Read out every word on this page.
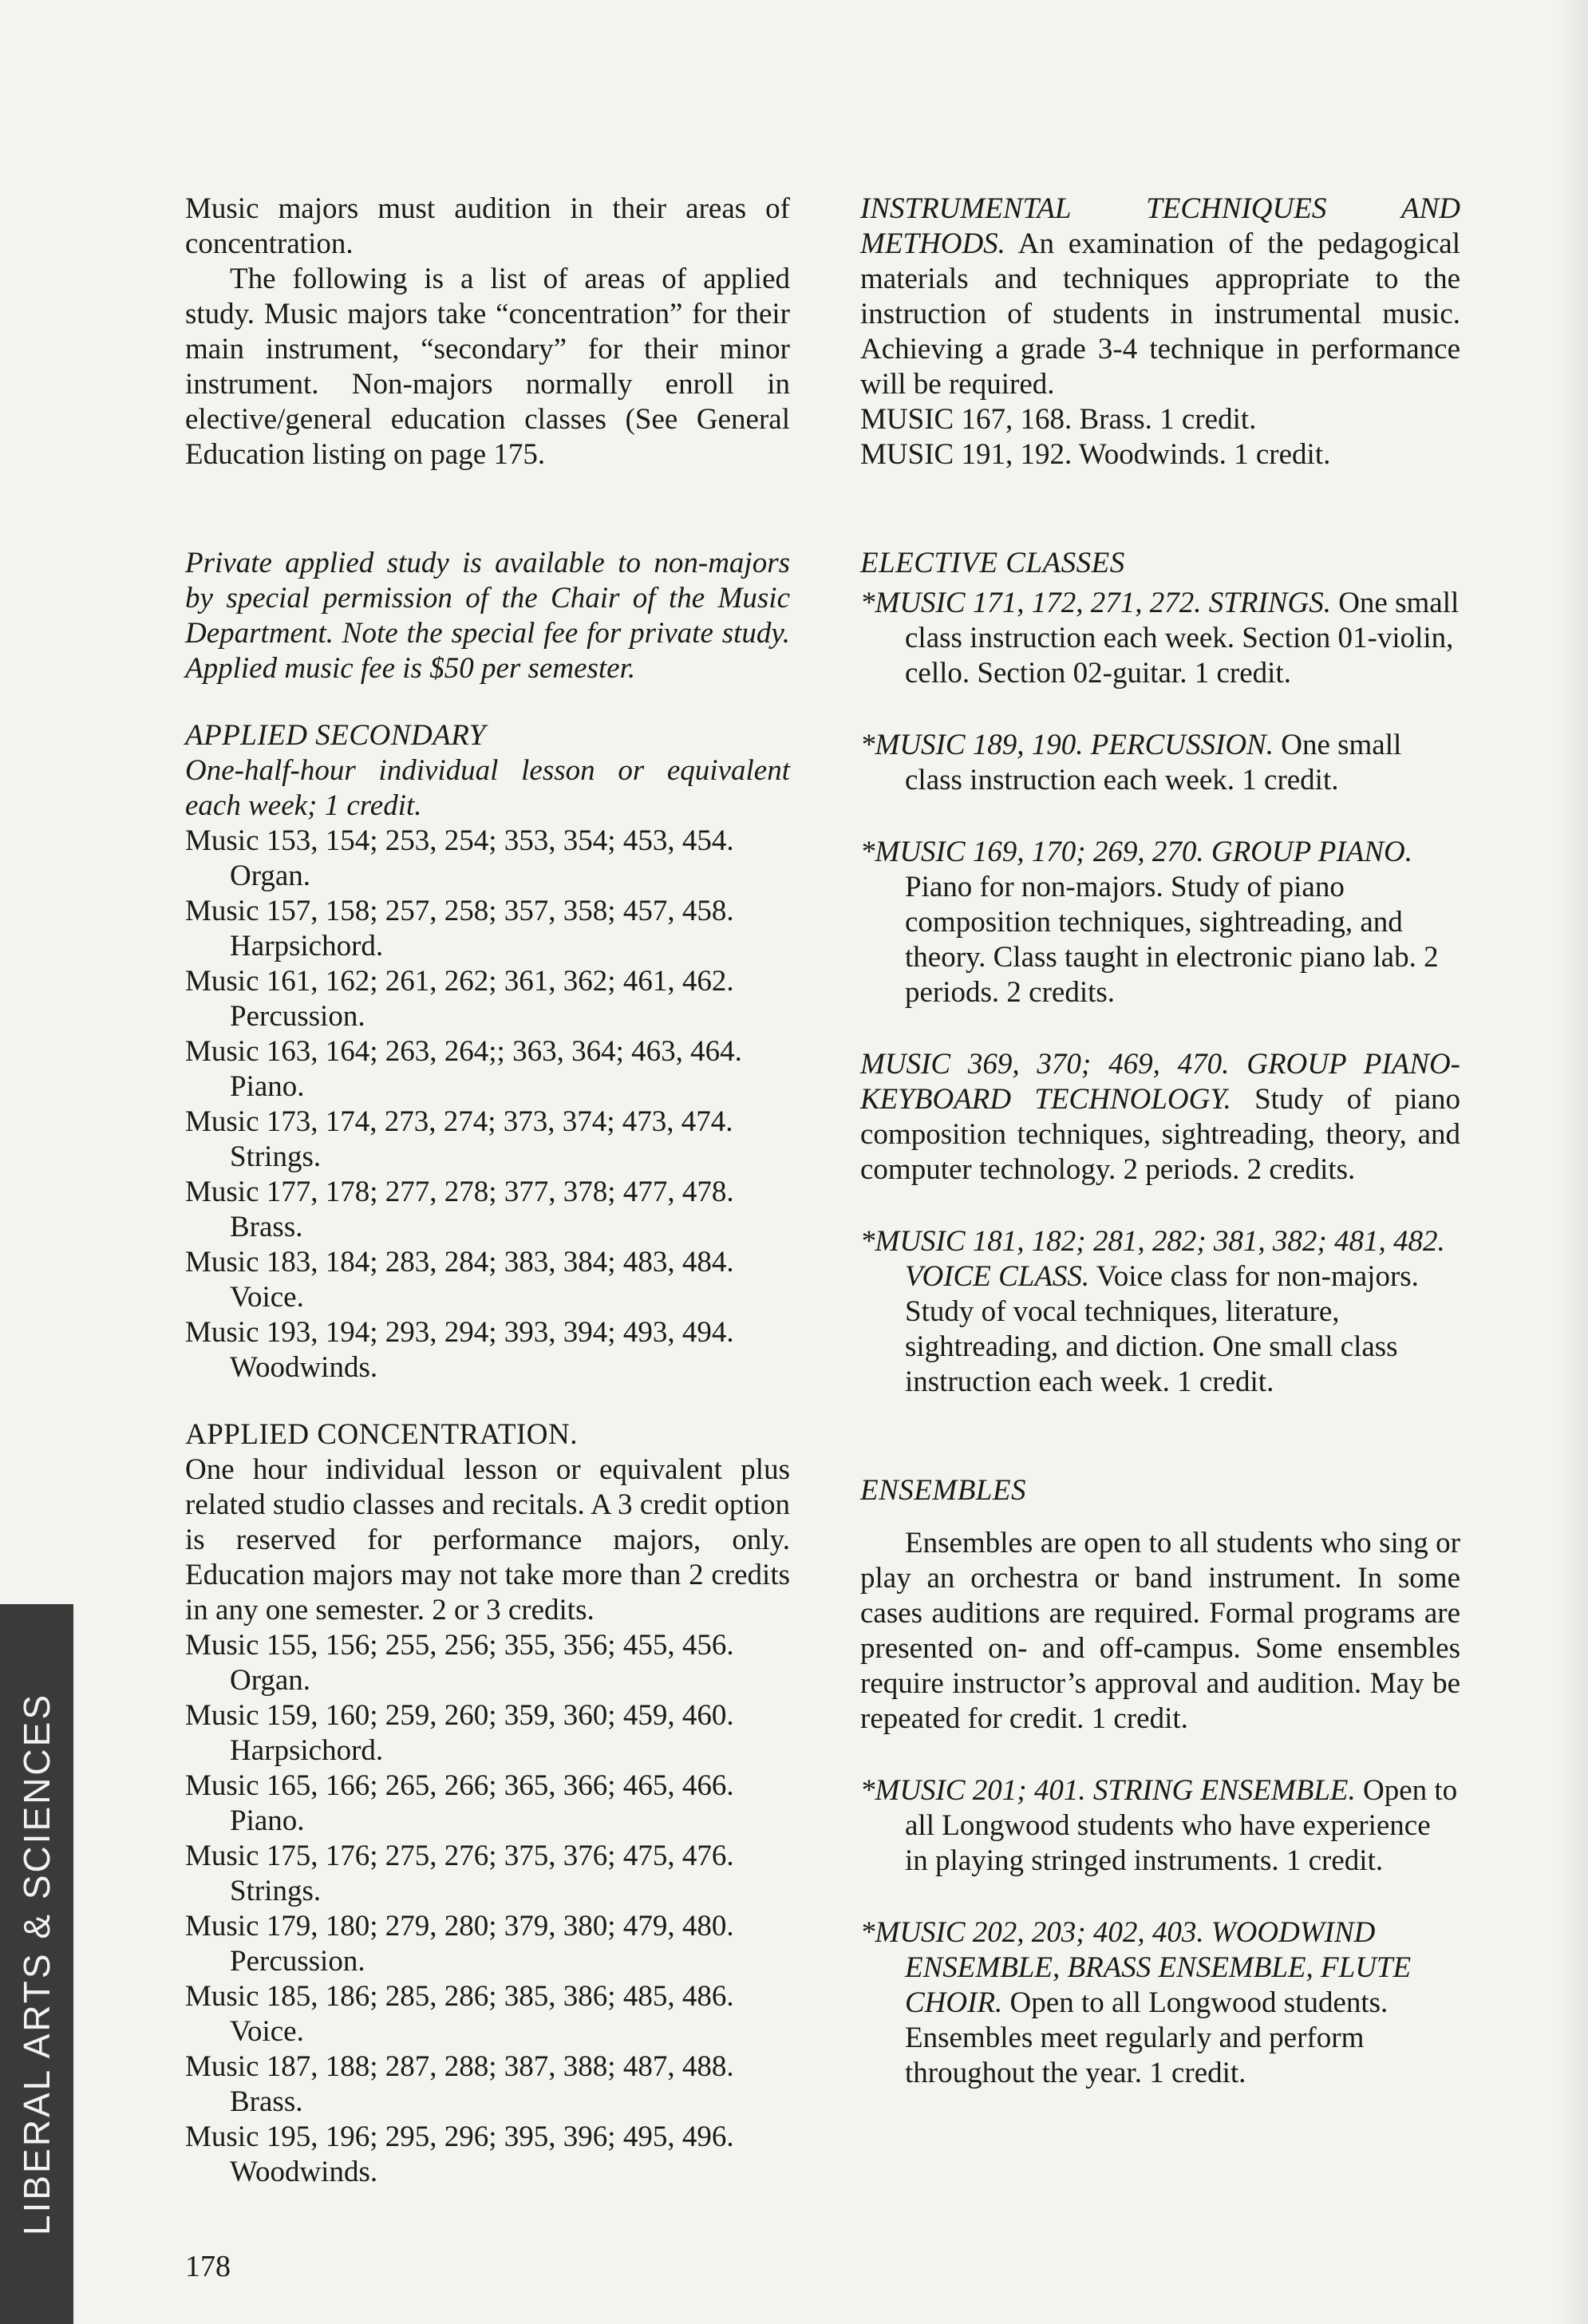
Music majors must audition in their areas of concentration.

The following is a list of areas of applied study. Music majors take “concentration” for their main instrument, “secondary” for their minor instrument. Non-majors normally enroll in elective/general education classes (See General Education listing on page 175.

Private applied study is available to non-majors by special permission of the Chair of the Music Department. Note the special fee for private study. Applied music fee is $50 per semester.

APPLIED SECONDARY

One-half-hour individual lesson or equivalent each week; 1 credit.

Music 153, 154; 253, 254; 353, 354; 453, 454. Organ.

Music 157, 158; 257, 258; 357, 358; 457, 458. Harpsichord.

Music 161, 162; 261, 262; 361, 362; 461, 462. Percussion.

Music 163, 164; 263, 264;; 363, 364; 463, 464. Piano.

Music 173, 174, 273, 274; 373, 374; 473, 474. Strings.

Music 177, 178; 277, 278; 377, 378; 477, 478. Brass.

Music 183, 184; 283, 284; 383, 384; 483, 484. Voice.

Music 193, 194; 293, 294; 393, 394; 493, 494. Woodwinds.

APPLIED CONCENTRATION.

One hour individual lesson or equivalent plus related studio classes and recitals. A 3 credit option is reserved for performance majors, only. Education majors may not take more than 2 credits in any one semester. 2 or 3 credits.

Music 155, 156; 255, 256; 355, 356; 455, 456. Organ.

Music 159, 160; 259, 260; 359, 360; 459, 460. Harpsichord.

Music 165, 166; 265, 266; 365, 366; 465, 466. Piano.

Music 175, 176; 275, 276; 375, 376; 475, 476. Strings.

Music 179, 180; 279, 280; 379, 380; 479, 480. Percussion.

Music 185, 186; 285, 286; 385, 386; 485, 486. Voice.

Music 187, 188; 287, 288; 387, 388; 487, 488. Brass.

Music 195, 196; 295, 296; 395, 396; 495, 496. Woodwinds.

INSTRUMENTAL TECHNIQUES AND METHODS. An examination of the pedagogical materials and techniques appropriate to the instruction of students in instrumental music. Achieving a grade 3-4 technique in performance will be required.

MUSIC 167, 168. Brass. 1 credit.

MUSIC 191, 192. Woodwinds. 1 credit.

ELECTIVE CLASSES

*MUSIC 171, 172, 271, 272. STRINGS. One small class instruction each week. Section 01-violin, cello. Section 02-guitar. 1 credit.

*MUSIC 189, 190. PERCUSSION. One small class instruction each week. 1 credit.

*MUSIC 169, 170; 269, 270. GROUP PIANO. Piano for non-majors. Study of piano composition techniques, sightreading, and theory. Class taught in electronic piano lab. 2 periods. 2 credits.

MUSIC 369, 370; 469, 470. GROUP PIANO-KEYBOARD TECHNOLOGY. Study of piano composition techniques, sightreading, theory, and computer technology. 2 periods. 2 credits.

*MUSIC 181, 182; 281, 282; 381, 382; 481, 482. VOICE CLASS. Voice class for non-majors. Study of vocal techniques, literature, sightreading, and diction. One small class instruction each week. 1 credit.

ENSEMBLES

Ensembles are open to all students who sing or play an orchestra or band instrument. In some cases auditions are required. Formal programs are presented on- and off-campus. Some ensembles require instructor’s approval and audition. May be repeated for credit. 1 credit.

*MUSIC 201; 401. STRING ENSEMBLE. Open to all Longwood students who have experience in playing stringed instruments. 1 credit.

*MUSIC 202, 203; 402, 403. WOODWIND ENSEMBLE, BRASS ENSEMBLE, FLUTE CHOIR. Open to all Longwood students. Ensembles meet regularly and perform throughout the year. 1 credit.

LIBERAL ARTS & SCIENCES
178
